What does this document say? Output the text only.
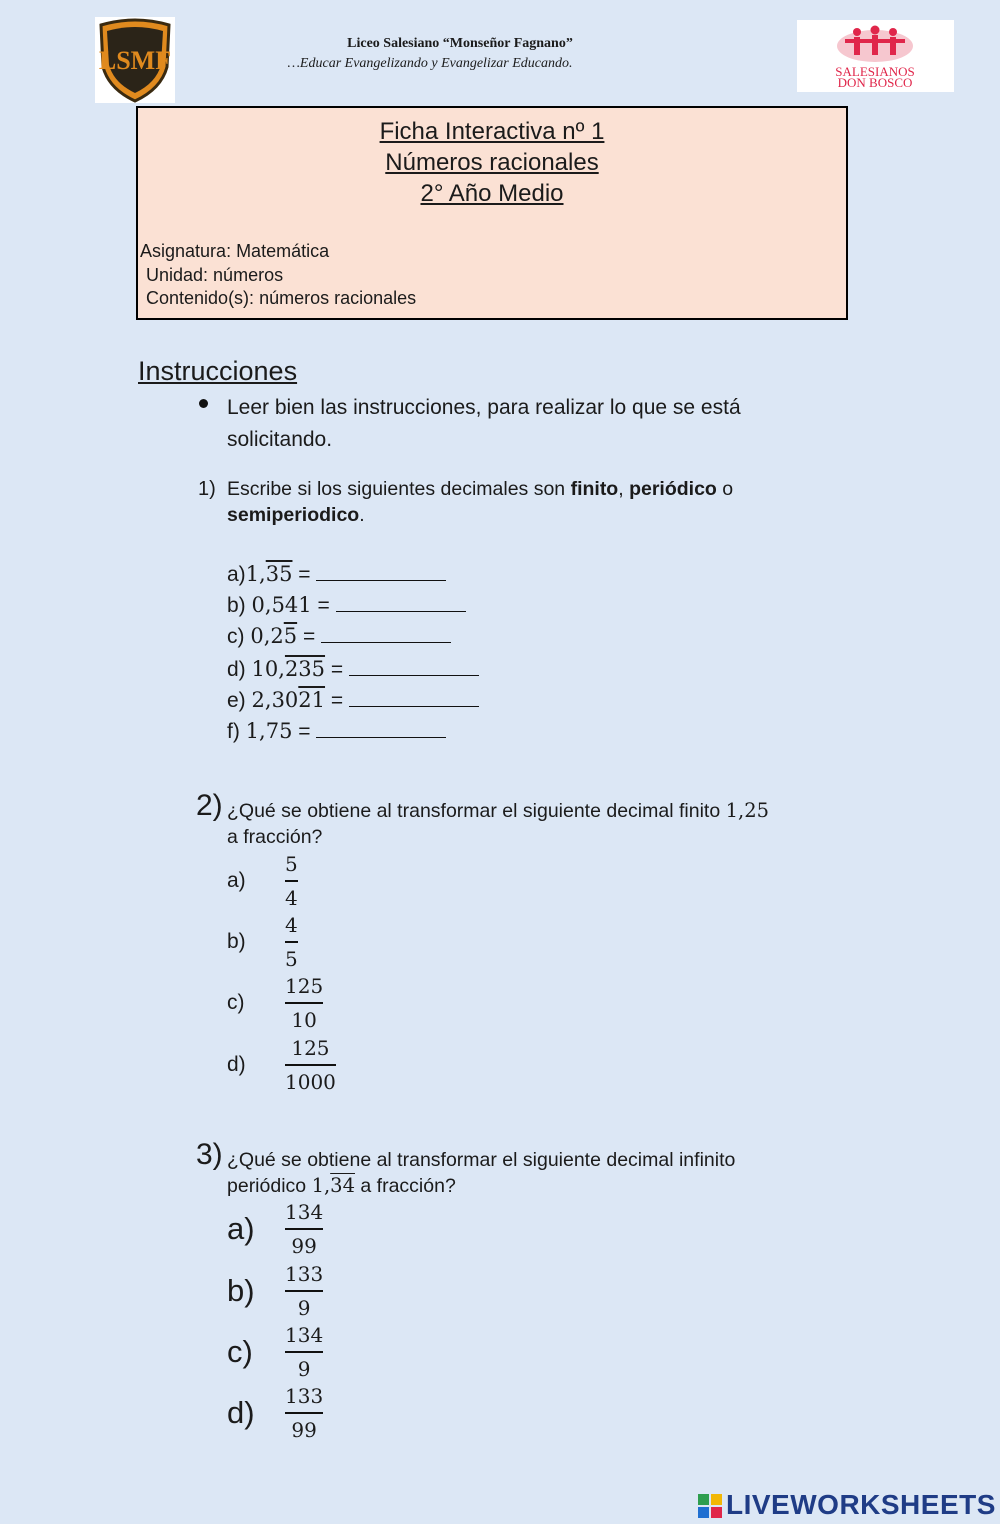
LSMF
Liceo Salesiano “Monseñor Fagnano”
…Educar Evangelizando y Evangelizar Educando.
SALESIANOS
DON BOSCO
Ficha Interactiva nº 1
Números racionales
2° Año Medio
Asignatura: Matemática
Unidad: números
Contenido(s): números racionales
Instrucciones
Leer bien las instrucciones, para realizar lo que se está solicitando.
1) Escribe si los siguientes decimales son finito, periódico o
semiperiodico.
a)1,35 =
b) 0,541 =
c) 0,25 =
d) 10,235 =
e) 2,3021 =
f) 1,75 =
2) ¿Qué se obtiene al transformar el siguiente decimal finito 1,25
a fracción?
$a) \frac{5}{4}$
$b) \frac{4}{5}$
$c) \frac{125}{10}$
$d) \frac{125}{1000}$
3) ¿Qué se obtiene al transformar el siguiente decimal infinito
periódico 1,34 a fracción?
$a) \frac{134}{99}$
$b) \frac{133}{9}$
$c) \frac{134}{9}$
$d) \frac{133}{99}$
LIVEWORKSHEETS
